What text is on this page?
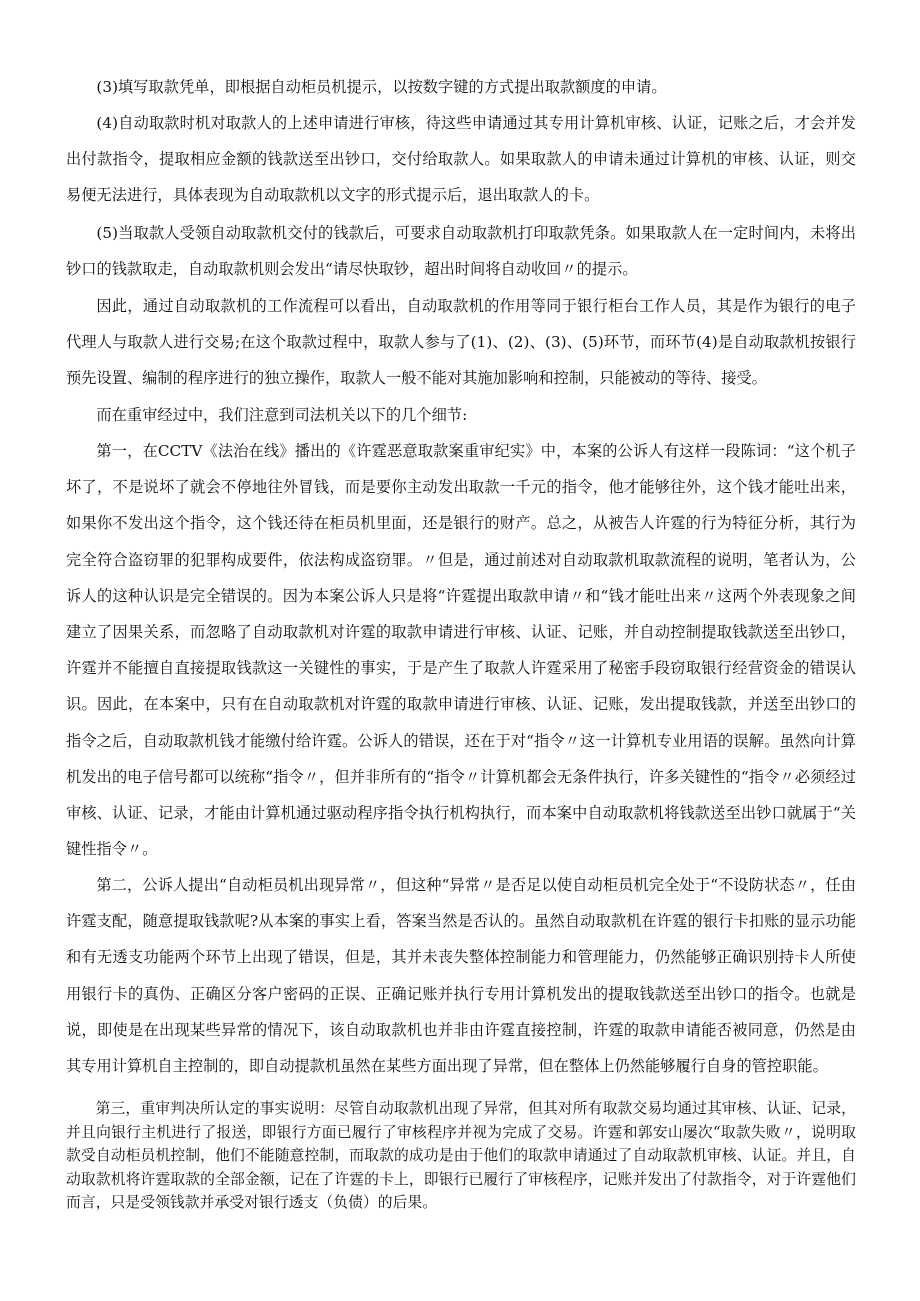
(3)填写取款凭单，即根据自动柜员机提示，以按数字键的方式提出取款额度的申请。

(4)自动取款时机对取款人的上述申请进行审核，待这些申请通过其专用计算机审核、认证，记账之后，才会并发出付款指令，提取相应金额的钱款送至出钞口，交付给取款人。如果取款人的申请未通过计算机的审核、认证，则交易便无法进行，具体表现为自动取款机以文字的形式提示后，退出取款人的卡。

(5)当取款人受领自动取款机交付的钱款后，可要求自动取款机打印取款凭条。如果取款人在一定时间内，未将出钞口的钱款取走，自动取款机则会发出“请尽快取钞，超出时间将自动收回〃的提示。

因此，通过自动取款机的工作流程可以看出，自动取款机的作用等同于银行柜台工作人员，其是作为银行的电子代理人与取款人进行交易;在这个取款过程中，取款人参与了(1)、(2)、(3)、(5)环节，而环节(4)是自动取款机按银行预先设置、编制的程序进行的独立操作，取款人一般不能对其施加影响和控制，只能被动的等待、接受。

而在重审经过中，我们注意到司法机关以下的几个细节:

第一，在CCTV《法治在线》播出的《许霆恶意取款案重审纪实》中，本案的公诉人有这样一段陈词：“这个机子坏了，不是说坏了就会不停地往外冒钱，而是要你主动发出取款一千元的指令，他才能够往外，这个钱才能吐出来，如果你不发出这个指令，这个钱还待在柜员机里面，还是银行的财产。总之，从被告人许霆的行为特征分析，其行为完全符合盗窃罪的犯罪构成要件，依法构成盗窃罪。〃但是，通过前述对自动取款机取款流程的说明，笔者认为，公诉人的这种认识是完全错误的。因为本案公诉人只是将“许霆提出取款申请〃和“钱才能吐出来〃这两个外表现象之间建立了因果关系，而忽略了自动取款机对许霆的取款申请进行审核、认证、记账，并自动控制提取钱款送至出钞口，许霆并不能擅自直接提取钱款这一关键性的事实，于是产生了取款人许霆采用了秘密手段窃取银行经营资金的错误认识。因此，在本案中，只有在自动取款机对许霆的取款申请进行审核、认证、记账，发出提取钱款，并送至出钞口的指令之后，自动取款机钱才能缴付给许霆。公诉人的错误，还在于对“指令〃这一计算机专业用语的误解。虽然向计算机发出的电子信号都可以统称“指令〃，但并非所有的“指令〃计算机都会无条件执行，许多关键性的“指令〃必须经过审核、认证、记录，才能由计算机通过驱动程序指令执行机构执行，而本案中自动取款机将钱款送至出钞口就属于“关键性指令〃。

第二，公诉人提出“自动柜员机出现异常〃，但这种“异常〃是否足以使自动柜员机完全处于“不设防状态〃，任由许霆支配，随意提取钱款呢?从本案的事实上看，答案当然是否认的。虽然自动取款机在许霆的银行卡扣账的显示功能和有无透支功能两个环节上出现了错误，但是，其并未丧失整体控制能力和管理能力，仍然能够正确识别持卡人所使用银行卡的真伪、正确区分客户密码的正误、正确记账并执行专用计算机发出的提取钱款送至出钞口的指令。也就是说，即使是在出现某些异常的情况下，该自动取款机也并非由许霆直接控制，许霆的取款申请能否被同意，仍然是由其专用计算机自主控制的，即自动提款机虽然在某些方面出现了异常，但在整体上仍然能够履行自身的管控职能。

第三，重审判决所认定的事实说明：尽管自动取款机出现了异常，但其对所有取款交易均通过其审核、认证、记录，并且向银行主机进行了报送，即银行方面已履行了审核程序并视为完成了交易。许霆和郭安山屡次“取款失败〃，说明取款受自动柜员机控制，他们不能随意控制，而取款的成功是由于他们的取款申请通过了自动取款机审核、认证。并且，自动取款机将许霆取款的全部金额，记在了许霆的卡上，即银行已履行了审核程序，记账并发出了付款指令，对于许霆他们而言，只是受领钱款并承受对银行透支（负债）的后果。
